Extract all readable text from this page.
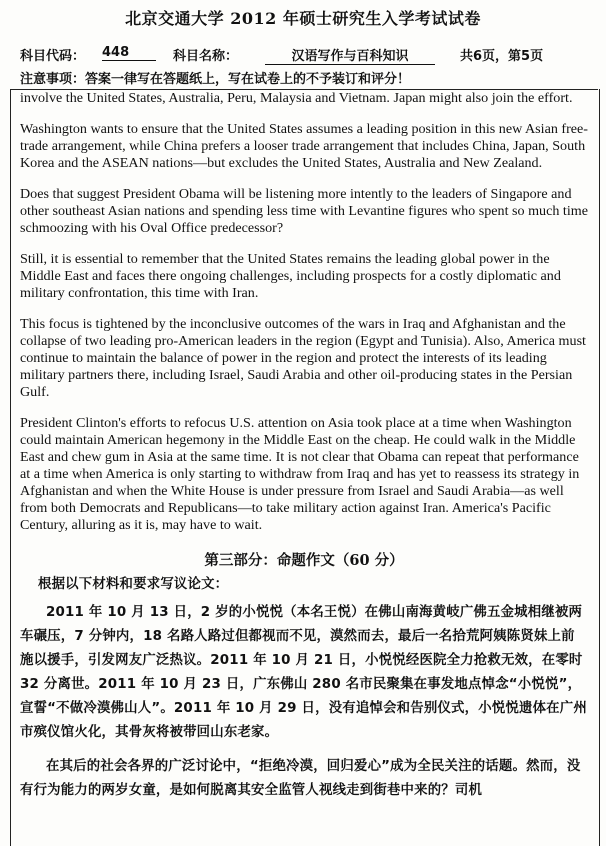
北京交通大学 2012 年硕士研究生入学考试试卷
科目代码： 448	科目名称：	汉语写作与百科知识	共6页，第5页
注意事项：答案一律写在答题纸上，写在试卷上的不予装订和评分！

involve the United States, Australia, Peru, Malaysia and Vietnam. Japan might also join the effort.

Washington wants to ensure that the United States assumes a leading position in this new Asian free-trade arrangement, while China prefers a looser trade arrangement that includes China, Japan, South Korea and the ASEAN nations—but excludes the United States, Australia and New Zealand.

Does that suggest President Obama will be listening more intently to the leaders of Singapore and other southeast Asian nations and spending less time with Levantine figures who spent so much time schmoozing with his Oval Office predecessor?

Still, it is essential to remember that the United States remains the leading global power in the Middle East and faces there ongoing challenges, including prospects for a costly diplomatic and military confrontation, this time with Iran.

This focus is tightened by the inconclusive outcomes of the wars in Iraq and Afghanistan and the collapse of two leading pro-American leaders in the region (Egypt and Tunisia). Also, America must continue to maintain the balance of power in the region and protect the interests of its leading military partners there, including Israel, Saudi Arabia and other oil-producing states in the Persian Gulf.

President Clinton's efforts to refocus U.S. attention on Asia took place at a time when Washington could maintain American hegemony in the Middle East on the cheap. He could walk in the Middle East and chew gum in Asia at the same time. It is not clear that Obama can repeat that performance at a time when America is only starting to withdraw from Iraq and has yet to reassess its strategy in Afghanistan and when the White House is under pressure from Israel and Saudi Arabia—as well from both Democrats and Republicans—to take military action against Iran. America's Pacific Century, alluring as it is, may have to wait.

第三部分：命题作文（60 分）
根据以下材料和要求写议论文：
2011 年 10 月 13 日，2 岁的小悦悦（本名王悦）在佛山南海黄岐广佛五金城相继被两车碾压，7 分钟内，18 名路人路过但都视而不见，漠然而去，最后一名拾荒阿姨陈贤妹上前施以援手，引发网友广泛热议。2011 年 10 月 21 日，小悦悦经医院全力抢救无效，在零时 32 分离世。2011 年 10 月 23 日，广东佛山 280 名市民聚集在事发地点悼念“小悦悦”，宣誓“不做冷漠佛山人”。2011 年 10 月 29 日，没有追悼会和告别仪式，小悦悦遗体在广州市殡仪馆火化，其骨灰将被带回山东老家。
在其后的社会各界的广泛讨论中，“拒绝冷漠，回归爱心”成为全民关注的话题。然而，没有行为能力的两岁女童，是如何脱离其安全监管人视线走到街巷中来的？司机
